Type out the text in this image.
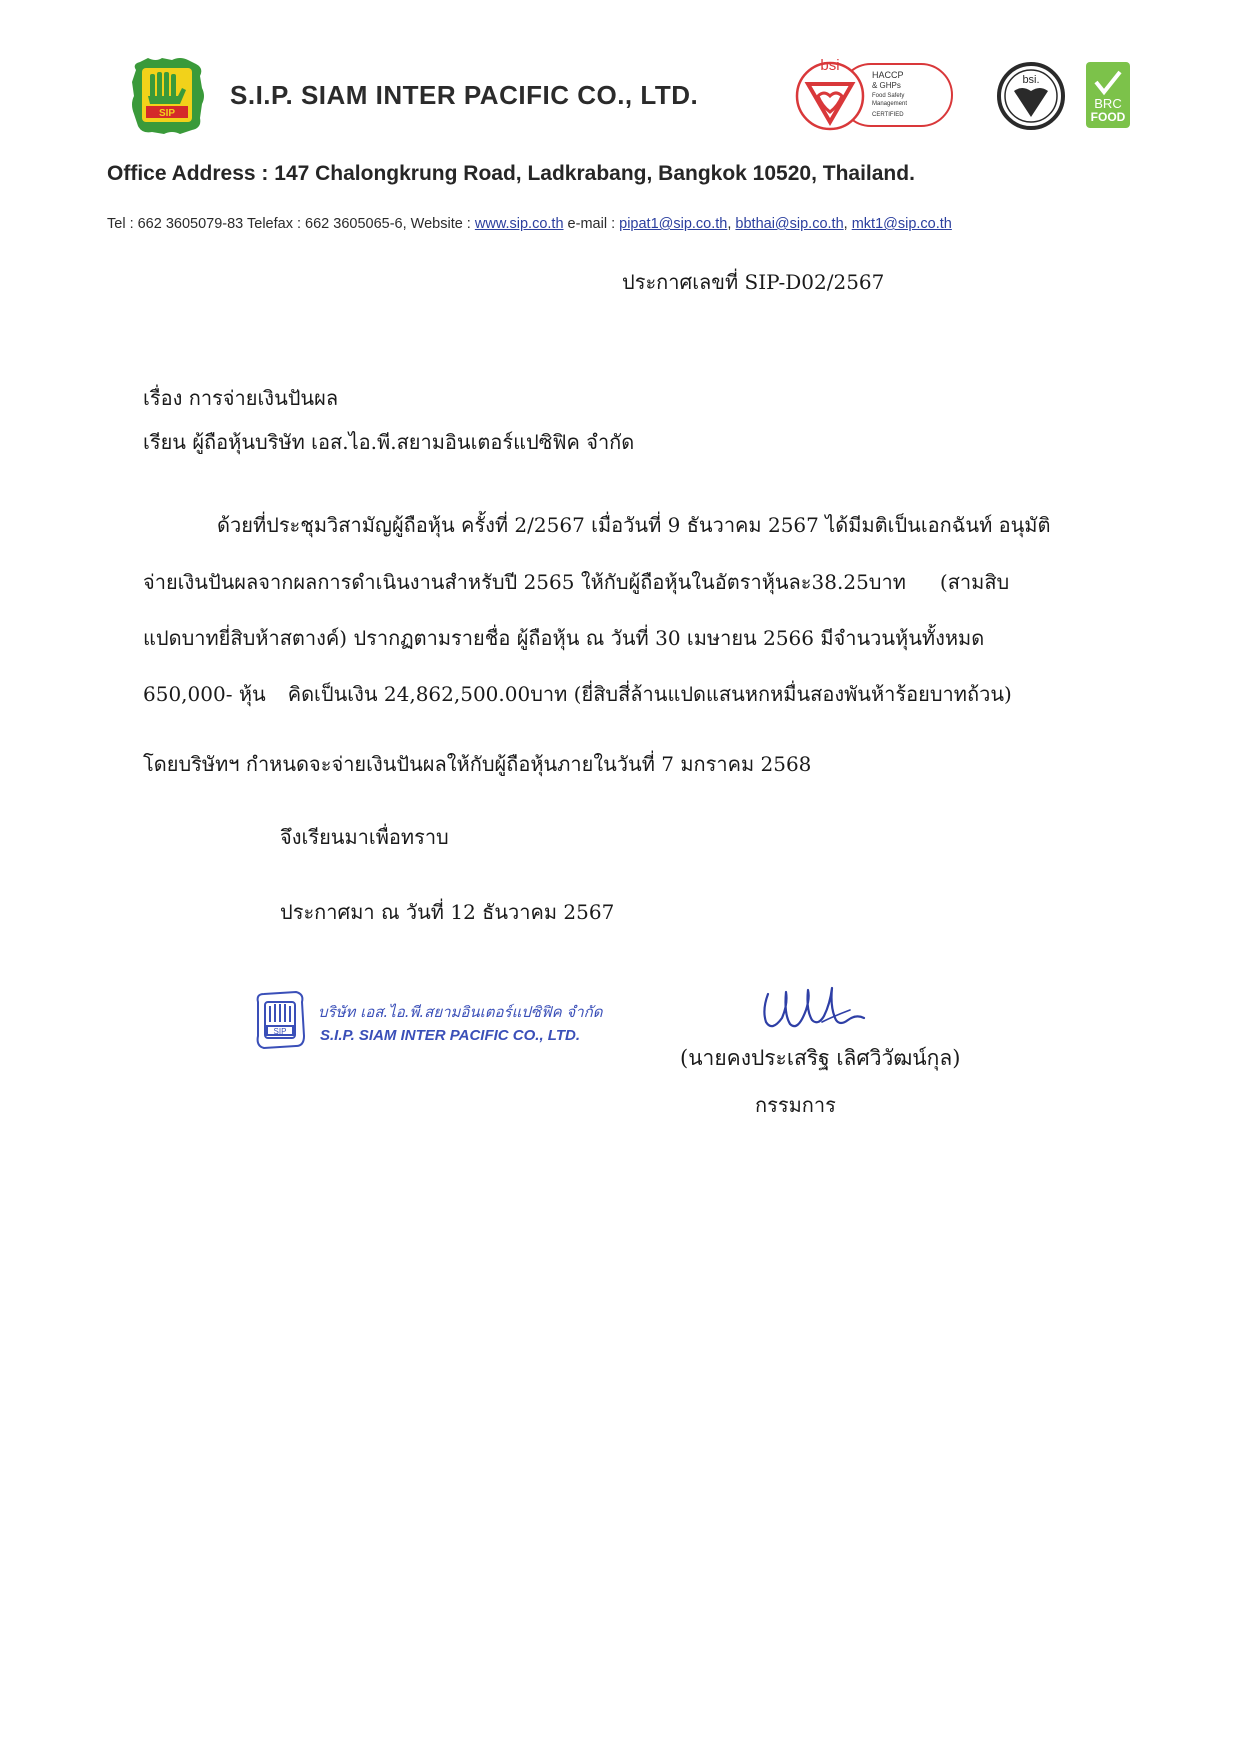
SIP
S.I.P. SIAM INTER PACIFIC CO., LTD.
bsi
HACCP
& GHPs
Food Safety
Management
CERTIFIED
bsi.
BRC
FOOD
Office Address : 147 Chalongkrung Road, Ladkrabang, Bangkok 10520, Thailand.
Tel : 662 3605079-83 Telefax : 662 3605065-6, Website : www.sip.co.th e-mail : pipat1@sip.co.th, bbthai@sip.co.th, mkt1@sip.co.th
ประกาศเลขที่ SIP-D02/2567
เรื่อง การจ่ายเงินปันผล
เรียน ผู้ถือหุ้นบริษัท เอส.ไอ.พี.สยามอินเตอร์แปซิฟิค จำกัด
ด้วยที่ประชุมวิสามัญผู้ถือหุ้น ครั้งที่ 2/2567 เมื่อวันที่ 9 ธันวาคม 2567 ได้มีมติเป็นเอกฉันท์ อนุมัติ
จ่ายเงินปันผลจากผลการดำเนินงานสำหรับปี 2565 ให้กับผู้ถือหุ้นในอัตราหุ้นละ38.25บาท (สามสิบ
แปดบาทยี่สิบห้าสตางค์) ปรากฏตามรายชื่อ ผู้ถือหุ้น ณ วันที่ 30 เมษายน 2566 มีจำนวนหุ้นทั้งหมด
650,000- หุ้น คิดเป็นเงิน 24,862,500.00บาท (ยี่สิบสี่ล้านแปดแสนหกหมื่นสองพันห้าร้อยบาทถ้วน)
โดยบริษัทฯ กำหนดจะจ่ายเงินปันผลให้กับผู้ถือหุ้นภายในวันที่ 7 มกราคม 2568
จึงเรียนมาเพื่อทราบ
ประกาศมา ณ วันที่ 12 ธันวาคม 2567
SIP
บริษัท เอส.ไอ.พี.สยามอินเตอร์แปซิฟิค จำกัด
S.I.P. SIAM INTER PACIFIC CO., LTD.
(นายคงประเสริฐ เลิศวิวัฒน์กุล)
กรรมการ
